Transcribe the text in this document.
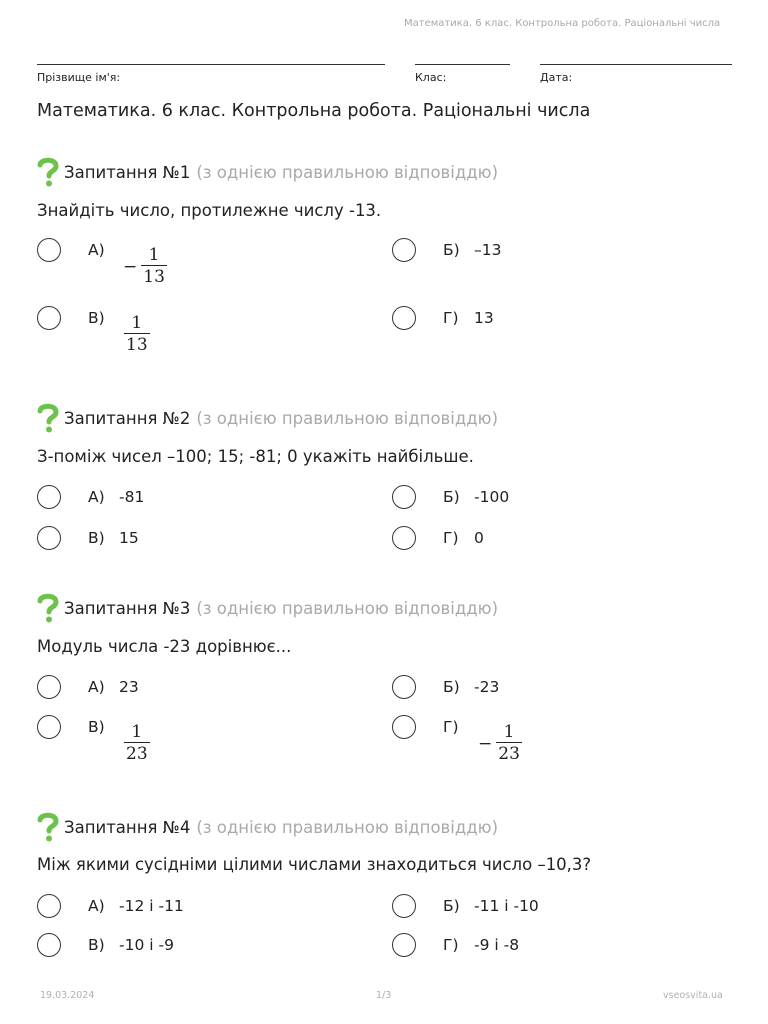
Математика. 6 клас. Контрольна робота. Раціональні числа
Прізвище ім'я:	Клас:	Дата:
Математика. 6 клас. Контрольна робота. Раціональні числа
Запитання №1 (з однією правильною відповіддю)
Знайдіть число, протилежне числу -13.
А)
− $\frac{1}{13}$	Б) –13
В)	$\frac{1}{13}$	Г)	13
Запитання №2 (з однією правильною відповіддю)
З-поміж чисел –100; 15; -81; 0 укажіть найбільше.
А) -81	Б) -100
В) 15	Г)	0
Запитання №3 (з однією правильною відповіддю)
Модуль числа -23 дорівнює...
А) 23	Б) -23
В)	$\frac{1}{23}$	Г)
− $\frac{1}{23}$
Запитання №4 (з однією правильною відповіддю)
Між якими сусідніми цілими числами знаходиться число –10,3?
А) -12 і -11	Б) -11 і -10
В) -10 і -9	Г)	-9 і -8
19.03.2024	1/3	vseosvita.ua
